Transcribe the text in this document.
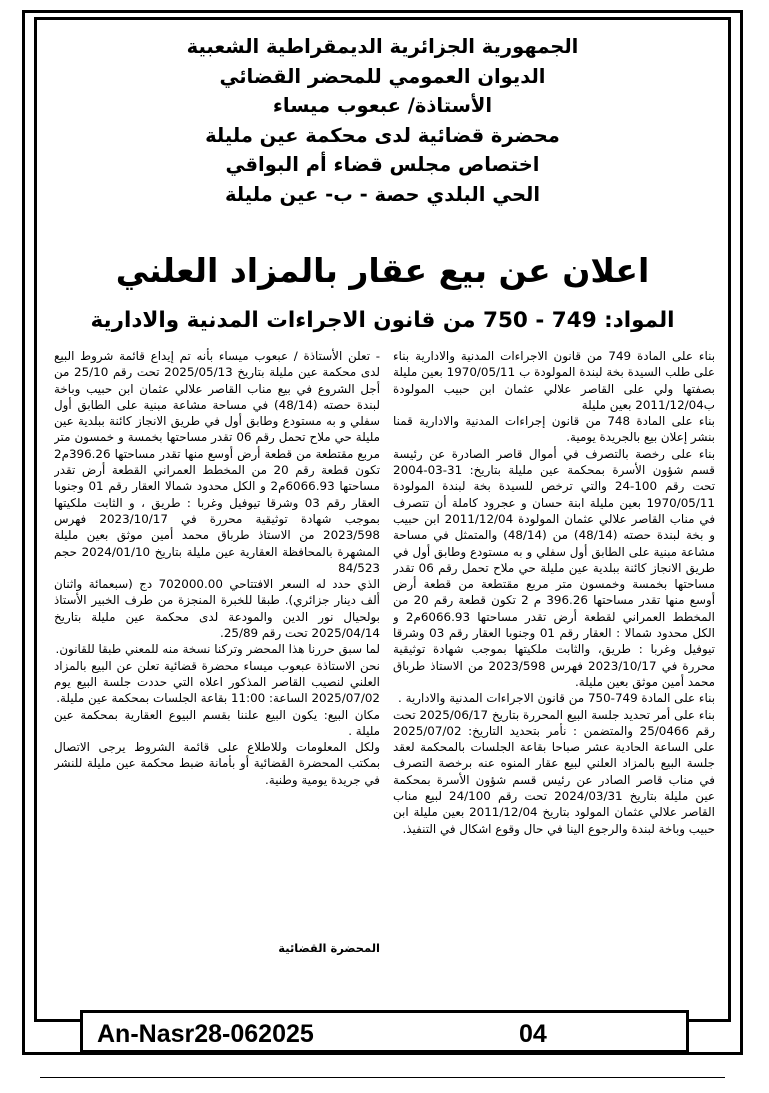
الجمهورية الجزائرية الديمقراطية الشعبية
الديوان العمومي للمحضر القضائي
الأستاذة/ عبعوب ميساء
محضرة قضائية لدى محكمة عين مليلة
اختصاص مجلس قضاء أم البواقي
الحي البلدي حصة - ب- عين مليلة
اعلان عن بيع عقار بالمزاد العلني
المواد: 749 - 750 من قانون الاجراءات المدنية والادارية

بناء على المادة 749 من قانون الاجراءات المدنية والادارية بناء على طلب السيدة بخة لبندة المولودة ب 1970/05/11 بعين مليلة بصفتها ولي على القاصر علالي عثمان ابن حبيب المولودة ب2011/12/04 بعين مليلة

بناء على المادة 748 من قانون إجراءات المدنية والادارية قمنا بنشر إعلان بيع بالجريدة يومية.

بناء على رخصة بالتصرف في أموال قاصر الصادرة عن رئيسة قسم شؤون الأسرة بمحكمة عين مليلة بتاريخ: 31-03-2004 تحت رقم 100-24 والتي ترخص للسيدة بخة لبندة المولودة 1970/05/11 بعين مليلة ابنة حسان و عجرود كاملة أن تتصرف في مناب القاصر علالي عثمان المولودة 2011/12/04 ابن حبيب و بخة لبندة حصته (48/14) من (48/14) والمتمثل في مساحة مشاعة مبنية على الطابق أول سفلي و به مستودع وطابق أول في طريق الانجاز كائنة ببلدية عين مليلة حي ملاح تحمل رقم 06 تقدر مساحتها بخمسة وخمسون متر مربع مقتطعة من قطعة أرض أوسع منها تقدر مساحتها 396.26 م 2 تكون قطعة رقم 20 من المخطط العمراني لقطعة أرض تقدر مساحتها 6066.93م2 و الكل محدود شمالا : العقار رقم 01 وجنوبا العقار رقم 03 وشرقا تيوفيل وغربا : طريق، والثابت ملكيتها بموجب شهادة توثيقية محررة في 2023/10/17 فهرس 2023/598 من الاستاذ طرباق محمد أمين موثق بعين مليلة.

بناء على المادة 749-750 من قانون الاجراءات المدنية والادارية .

بناء على أمر تحديد جلسة البيع المحررة بتاريخ 2025/06/17 تحت رقم 25/0466 والمتضمن : نأمر بتحديد التاريخ: 2025/07/02 على الساعة الحادية عشر صباحا بقاعة الجلسات بالمحكمة لعقد جلسة البيع بالمزاد العلني لبيع عقار المنوه عنه برخصة التصرف في مناب قاصر الصادر عن رئيس قسم شؤون الأسرة بمحكمة عين مليلة بتاريخ 2024/03/31 تحت رقم 24/100 لبيع مناب القاصر علالي عثمان المولود بتاريخ 2011/12/04 بعين مليلة ابن حبيب وباخة لبندة والرجوع الينا في حال وقوع اشكال في التنفيذ.

- تعلن الأستاذة / عبعوب ميساء بأنه تم إيداع قائمة شروط البيع لدى محكمة عين مليلة بتاريخ 2025/05/13 تحت رقم 25/10 من أجل الشروع في بيع مناب القاصر علالي عثمان ابن حبيب وباخة لبندة حصته (48/14) في مساحة مشاعة مبنية على الطابق أول سفلي و به مستودع وطابق أول في طريق الانجاز كائنة ببلدية عين مليلة حي ملاح تحمل رقم 06 تقدر مساحتها بخمسة و خمسون متر مربع مقتطعة من قطعة أرض أوسع منها تقدر مساحتها 396.26م2 تكون قطعة رقم 20 من المخطط العمراني القطعة أرض تقدر مساحتها 6066.93م2 و الكل محدود شمالا العقار رقم 01 وجنوبا العقار رقم 03 وشرقا تيوفيل وغربا : طريق ، و الثابت ملكيتها بموجب شهادة توثيقية محررة في 2023/10/17 فهرس 2023/598 من الاستاذ طرباق محمد أمين موثق بعين مليلة المشهرة بالمحافظة العقارية عين مليلة بتاريخ 2024/01/10 حجم 84/523

الذي حدد له السعر الافتتاحي 702000.00 دج (سبعمائة واثنان ألف دينار جزائري). طبقا للخبرة المنجزة من طرف الخبير الأستاذ بولحيال نور الدين والمودعة لدى محكمة عين مليلة بتاريخ 2025/04/14 تحت رقم 25/89.

لما سبق حررنا هذا المحضر وتركنا نسخة منه للمعني طبقا للقانون.

نحن الاستاذة عبعوب ميساء محضرة قضائية تعلن عن البيع بالمزاد العلني لنصيب القاصر المذكور اعلاه التي حددت جلسة البيع يوم 2025/07/02 الساعة: 11:00 بقاعة الجلسات بمحكمة عين مليلة.

مكان البيع: يكون البيع علننا بقسم البيوع العقارية بمحكمة عين مليلة .

ولكل المعلومات وللاطلاع على قائمة الشروط يرجى الاتصال بمكتب المحضرة القضائية أو بأمانة ضبط محكمة عين مليلة للنشر في جريدة يومية وطنية.

المحضرة القضائية
An-Nasr28-062025	04
